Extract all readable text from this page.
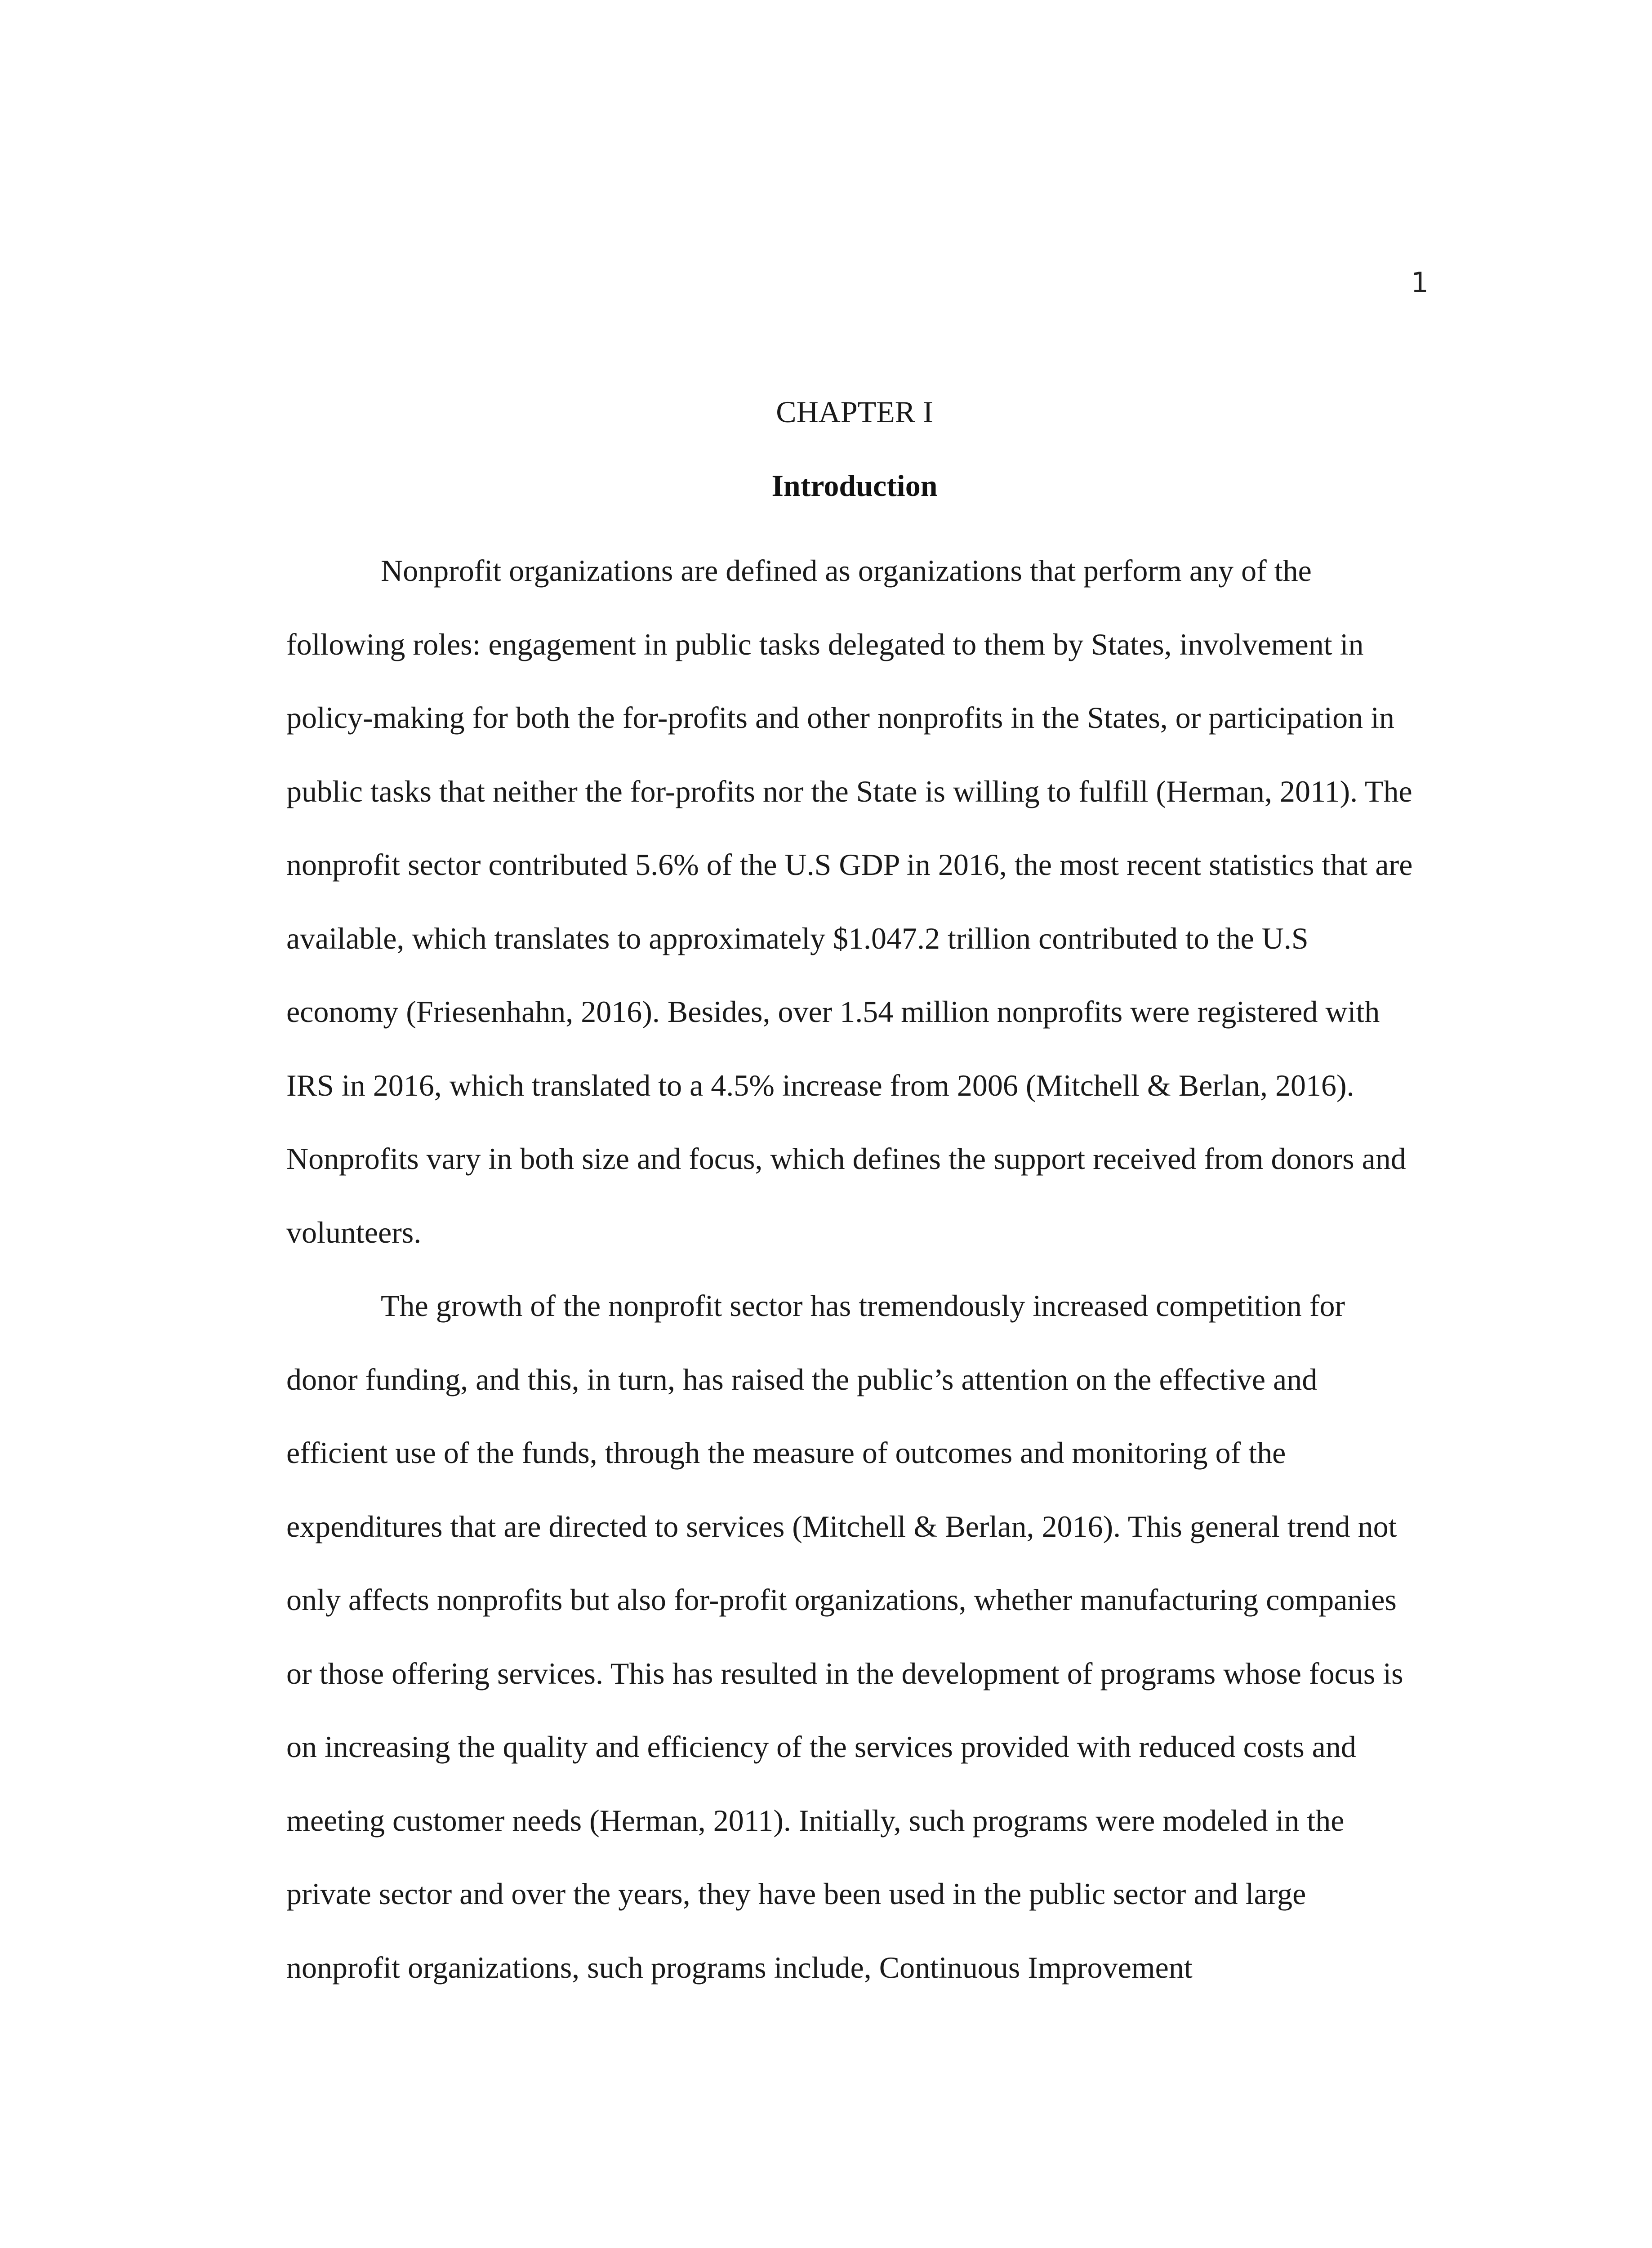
1
CHAPTER I
Introduction

Nonprofit organizations are defined as organizations that perform any of the following roles: engagement in public tasks delegated to them by States, involvement in policy-making for both the for-profits and other nonprofits in the States, or participation in public tasks that neither the for-profits nor the State is willing to fulfill (Herman, 2011). The nonprofit sector contributed 5.6% of the U.S GDP in 2016, the most recent statistics that are available, which translates to approximately $1.047.2 trillion contributed to the U.S economy (Friesenhahn, 2016). Besides, over 1.54 million nonprofits were registered with IRS in 2016, which translated to a 4.5% increase from 2006 (Mitchell & Berlan, 2016). Nonprofits vary in both size and focus, which defines the support received from donors and volunteers.

The growth of the nonprofit sector has tremendously increased competition for donor funding, and this, in turn, has raised the public’s attention on the effective and efficient use of the funds, through the measure of outcomes and monitoring of the expenditures that are directed to services (Mitchell & Berlan, 2016). This general trend not only affects nonprofits but also for-profit organizations, whether manufacturing companies or those offering services. This has resulted in the development of programs whose focus is on increasing the quality and efficiency of the services provided with reduced costs and meeting customer needs (Herman, 2011). Initially, such programs were modeled in the private sector and over the years, they have been used in the public sector and large nonprofit organizations, such programs include, Continuous Improvement
